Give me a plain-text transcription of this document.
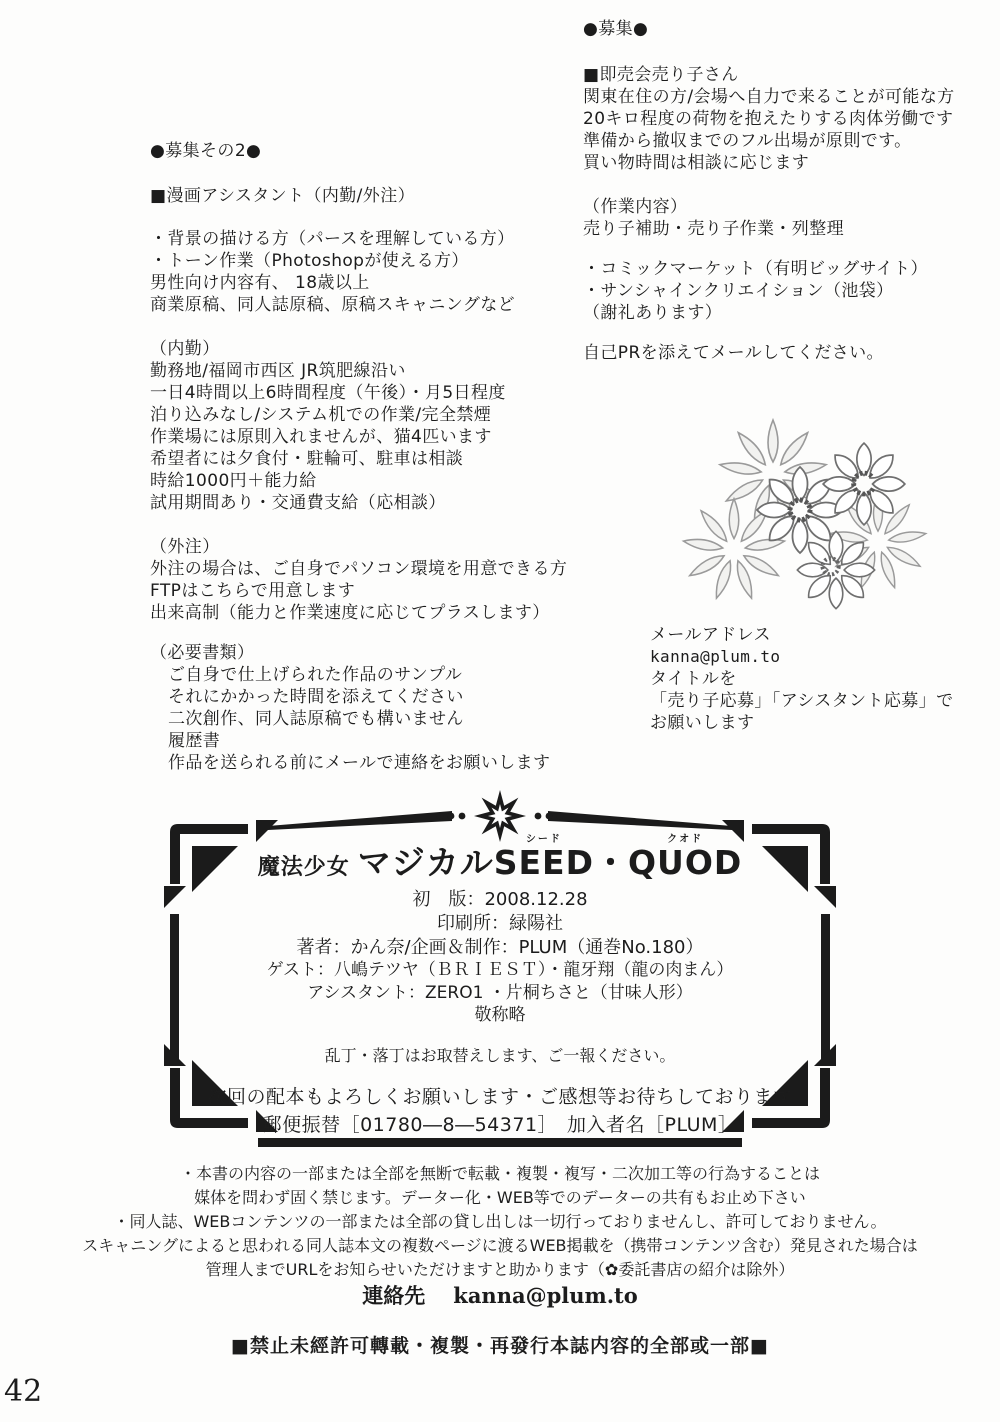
●募集●
■即売会売り子さん
関東在住の方/会場へ自力で来ることが可能な方
20キロ程度の荷物を抱えたりする肉体労働です
準備から撤収までのフル出場が原則です。
買い物時間は相談に応じます
（作業内容）
売り子補助・売り子作業・列整理
・コミックマーケット（有明ビッグサイト）
・サンシャインクリエイション（池袋）
（謝礼あります）
自己PRを添えてメールしてください。
メールアドレス
kanna@plum.to
タイトルを
「売り子応募」「アシスタント応募」で
お願いします
●募集その2●
■漫画アシスタント（内勤/外注）
・背景の描ける方（パースを理解している方）
・トーン作業（Photoshopが使える方）
男性向け内容有、 18歳以上
商業原稿、同人誌原稿、原稿スキャニングなど
（内勤）
勤務地/福岡市西区 JR筑肥線沿い
一日4時間以上6時間程度（午後）・月5日程度
泊り込みなし/システム机での作業/完全禁煙
作業場には原則入れませんが、猫4匹います
希望者には夕食付・駐輪可、駐車は相談
時給1000円＋能力給
試用期間あり・交通費支給（応相談）
（外注）
外注の場合は、ご自身でパソコン環境を用意できる方
FTPはこちらで用意します
出来高制（能力と作業速度に応じてプラスします）
（必要書類）
ご自身で仕上げられた作品のサンプル
それにかかった時間を添えてください
二次創作、同人誌原稿でも構いません
履歴書
作品を送られる前にメールで連絡をお願いします
魔法少女 マジカル
シード
SEED ・
クオド
QUOD
初　版：2008.12.28
印刷所：緑陽社
著者：かん奈/企画＆制作：PLUM（通巻No.180）
ゲスト：八嶋テツヤ（ＢＲＩＥＳＴ）・龍牙翔（龍の肉まん）
アシスタント：ZERO1 ・片桐ちさと（甘味人形）
敬称略
乱丁・落丁はお取替えします、ご一報ください。
次回の配本もよろしくお願いします・ご感想等お待ちしております
郵便振替［01780―8―54371］　加入者名［PLUM］
・本書の内容の一部または全部を無断で転載・複製・複写・二次加工等の行為することは
媒体を問わず固く禁じます。データー化・WEB等でのデーターの共有もお止め下さい
・同人誌、WEBコンテンツの一部または全部の貸し出しは一切行っておりませんし、許可しておりません。
スキャニングによると思われる同人誌本文の複数ページに渡るWEB掲載を（携帯コンテンツ含む）発見された場合は
管理人までURLをお知らせいただけますと助かります（✿委託書店の紹介は除外）
連絡先 kanna@plum.to
■禁止未經許可轉載・複製・再發行本誌内容的全部或一部■
42
